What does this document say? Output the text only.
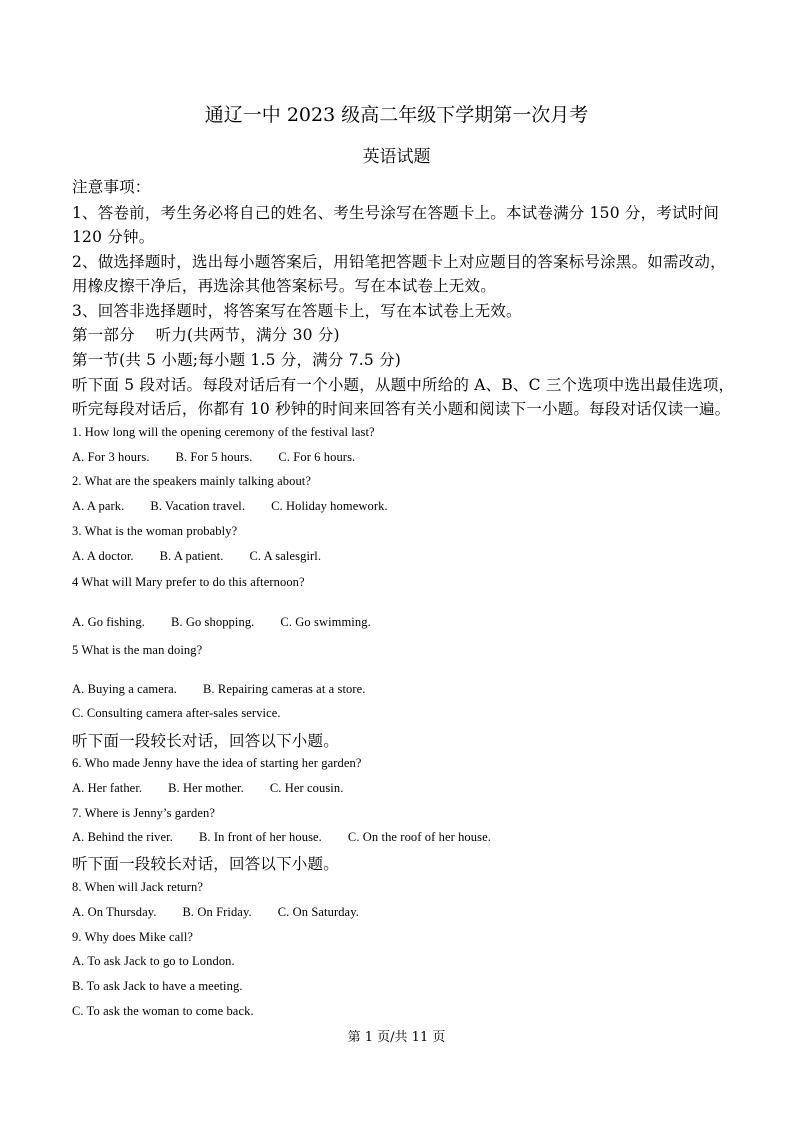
通辽一中 2023 级高二年级下学期第一次月考
英语试题
注意事项：
1、答卷前，考生务必将自己的姓名、考生号涂写在答题卡上。本试卷满分 150 分，考试时间
120 分钟。
2、做选择题时，选出每小题答案后，用铅笔把答题卡上对应题目的答案标号涂黑。如需改动，
用橡皮擦干净后，再选涂其他答案标号。写在本试卷上无效。
3、回答非选择题时，将答案写在答题卡上，写在本试卷上无效。
第一部分　 听力(共两节，满分 30 分)
第一节(共 5 小题;每小题 1.5 分，满分 7.5 分)
听下面 5 段对话。每段对话后有一个小题，从题中所给的 A、B、C 三个选项中选出最佳选项，
听完每段对话后，你都有 10 秒钟的时间来回答有关小题和阅读下一小题。每段对话仅读一遍。
1. How long will the opening ceremony of the festival last?
A. For 3 hours. B. For 5 hours. C. For 6 hours.
2. What are the speakers mainly talking about?
A. A park. B. Vacation travel. C. Holiday homework.
3. What is the woman probably?
A. A doctor. B. A patient. C. A salesgirl.
4 What will Mary prefer to do this afternoon?
A. Go fishing. B. Go shopping. C. Go swimming.
5 What is the man doing?
A. Buying a camera. B. Repairing cameras at a store.
C. Consulting camera after-sales service.
听下面一段较长对话，回答以下小题。
6. Who made Jenny have the idea of starting her garden?
A. Her father. B. Her mother. C. Her cousin.
7. Where is Jenny’s garden?
A. Behind the river. B. In front of her house. C. On the roof of her house.
听下面一段较长对话，回答以下小题。
8. When will Jack return?
A. On Thursday. B. On Friday. C. On Saturday.
9. Why does Mike call?
A. To ask Jack to go to London.
B. To ask Jack to have a meeting.
C. To ask the woman to come back.
第 1 页/共 11 页
